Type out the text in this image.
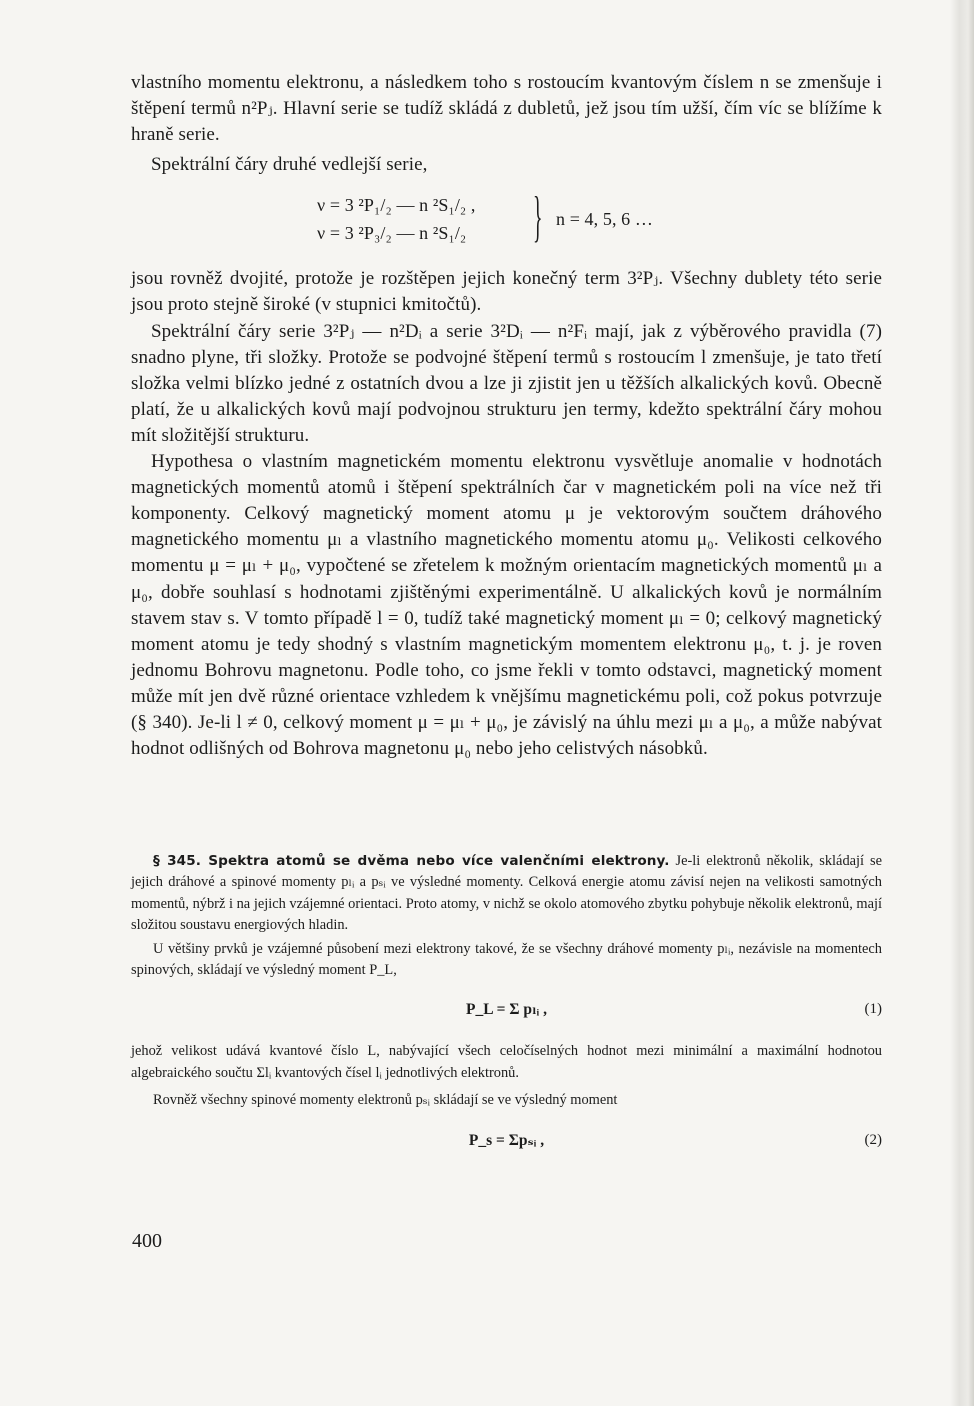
vlastního momentu elektronu, a následkem toho s rostoucím kvantovým číslem n se zmenšuje i štěpení termů n²Pⱼ. Hlavní serie se tudíž skládá z dubletů, jež jsou tím užší, čím víc se blížíme k hraně serie.

Spektrální čáry druhé vedlejší serie,

ν = 3 ²P₁/₂ — n ²S₁/₂ ,
ν = 3 ²P₃/₂ — n ²S₁/₂ } n = 4, 5, 6 …

jsou rovněž dvojité, protože je rozštěpen jejich konečný term 3²Pⱼ. Všechny dublety této serie jsou proto stejně široké (v stupnici kmitočtů).

Spektrální čáry serie 3²Pⱼ — n²Dᵢ a serie 3²Dᵢ — n²Fᵢ mají, jak z výběrového pravidla (7) snadno plyne, tři složky. Protože se podvojné štěpení termů s rostoucím l zmenšuje, je tato třetí složka velmi blízko jedné z ostatních dvou a lze ji zjistit jen u těžších alkalických kovů. Obecně platí, že u alkalických kovů mají podvojnou strukturu jen termy, kdežto spektrální čáry mohou mít složitější strukturu.

Hypothesa o vlastním magnetickém momentu elektronu vysvětluje anomalie v hodnotách magnetických momentů atomů i štěpení spektrálních čar v magnetickém poli na více než tři komponenty. Celkový magnetický moment atomu μ je vektorovým součtem dráhového magnetického momentu μₗ a vlastního magnetického momentu atomu μ₀. Velikosti celkového momentu μ = μₗ + μ₀, vypočtené se zřetelem k možným orientacím magnetických momentů μₗ a μ₀, dobře souhlasí s hodnotami zjištěnými experimentálně. U alkalických kovů je normálním stavem stav s. V tomto případě l = 0, tudíž také magnetický moment μₗ = 0; celkový magnetický moment atomu je tedy shodný s vlastním magnetickým momentem elektronu μ₀, t. j. je roven jednomu Bohrovu magnetonu. Podle toho, co jsme řekli v tomto odstavci, magnetický moment může mít jen dvě různé orientace vzhledem k vnějšímu magnetickému poli, což pokus potvrzuje (§ 340). Je-li l ≠ 0, celkový moment μ = μₗ + μ₀, je závislý na úhlu mezi μₗ a μ₀, a může nabývat hodnot odlišných od Bohrova magnetonu μ₀ nebo jeho celistvých násobků.

§ 345. Spektra atomů se dvěma nebo více valenčními elektrony. Je-li elektronů několik, skládají se jejich dráhové a spinové momenty pₗᵢ a pₛᵢ ve výsledné momenty. Celková energie atomu závisí nejen na velikosti samotných momentů, nýbrž i na jejich vzájemné orientaci. Proto atomy, v nichž se okolo atomového zbytku pohybuje několik elektronů, mají složitou soustavu energiových hladin.

U většiny prvků je vzájemné působení mezi elektrony takové, že se všechny dráhové momenty pₗᵢ, nezávisle na momentech spinových, skládají ve výsledný moment P_L,

P_L = Σ pₗᵢ ,	(1)

jehož velikost udává kvantové číslo L, nabývající všech celočíselných hodnot mezi minimální a maximální hodnotou algebraického součtu Σlᵢ kvantových čísel lᵢ jednotlivých elektronů.

Rovněž všechny spinové momenty elektronů pₛᵢ skládají se ve výsledný moment

P_s = Σpₛᵢ ,	(2)
400
